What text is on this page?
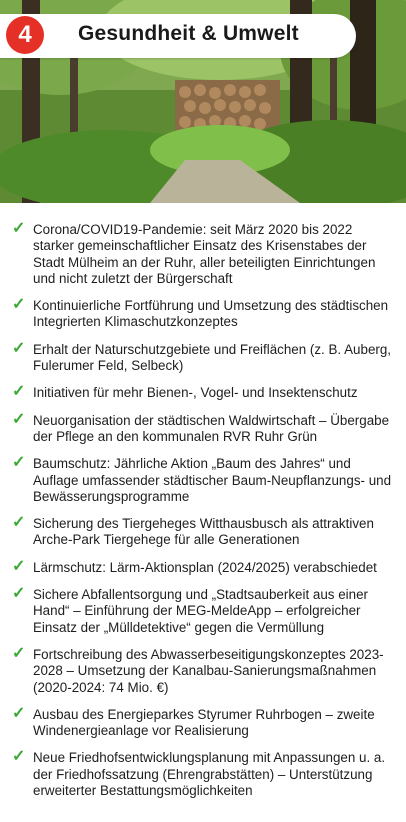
4	Gesundheit & Umwelt
✓ Corona/COVID19-Pandemie: seit März 2020 bis 2022 starker gemeinschaftlicher Einsatz des Krisenstabes der Stadt Mülheim an der Ruhr, aller beteiligten Einrichtungen und nicht zuletzt der Bürgerschaft
✓ Kontinuierliche Fortführung und Umsetzung des städtischen Integrierten Klimaschutzkonzeptes
✓ Erhalt der Naturschutzgebiete und Freiflächen (z. B. Auberg, Fulerumer Feld, Selbeck)
✓ Initiativen für mehr Bienen-, Vogel- und Insektenschutz
✓ Neuorganisation der städtischen Waldwirtschaft – Übergabe der Pflege an den kommunalen RVR Ruhr Grün
✓ Baumschutz: Jährliche Aktion „Baum des Jahres“ und Auflage umfassender städtischer Baum-Neupflanzungs- und Bewässerungsprogramme
✓ Sicherung des Tiergeheges Witthausbusch als attraktiven Arche-Park Tiergehege für alle Generationen
✓ Lärmschutz: Lärm-Aktionsplan (2024/2025) verabschiedet
✓ Sichere Abfallentsorgung und „Stadtsauberkeit aus einer Hand“ – Einführung der MEG-MeldeApp – erfolgreicher Einsatz der „Mülldetektive“ gegen die Vermüllung
✓ Fortschreibung des Abwasserbeseitigungskonzeptes 2023-2028 – Umsetzung der Kanalbau-Sanierungsmaßnahmen (2020-2024: 74 Mio. €)
✓ Ausbau des Energieparkes Styrumer Ruhrbogen – zweite Windenergieanlage vor Realisierung
✓ Neue Friedhofsentwicklungsplanung mit Anpassungen u. a. der Friedhofssatzung (Ehrengrabstätten) – Unterstützung erweiterter Bestattungsmöglichkeiten
